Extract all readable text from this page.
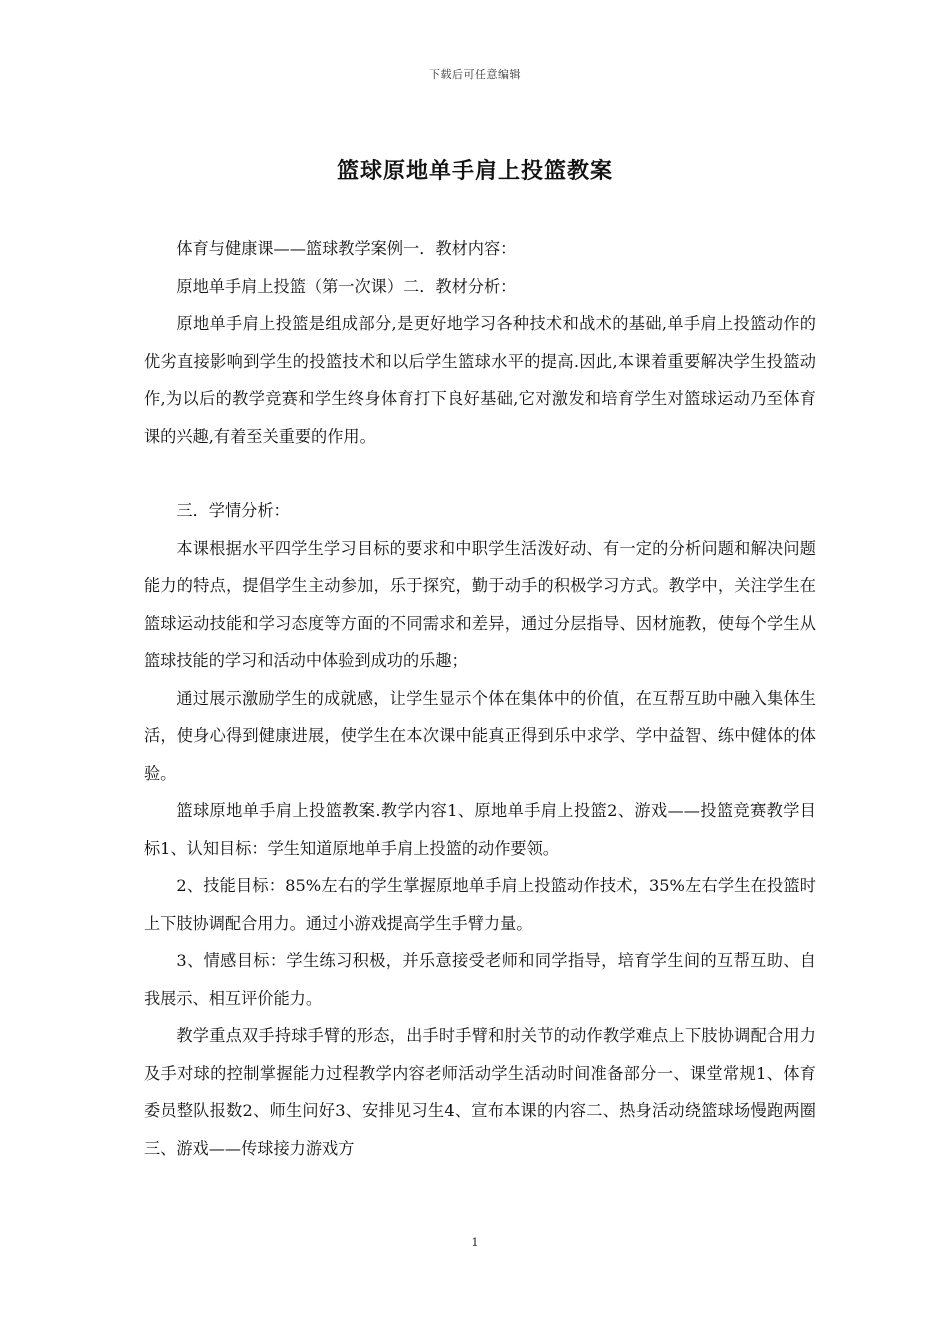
下载后可任意编辑
篮球原地单手肩上投篮教案

体育与健康课——篮球教学案例一．教材内容：

原地单手肩上投篮（第一次课）二．教材分析：

原地单手肩上投篮是组成部分,是更好地学习各种技术和战术的基础,单手肩上投篮动作的优劣直接影响到学生的投篮技术和以后学生篮球水平的提高.因此,本课着重要解决学生投篮动作,为以后的教学竞赛和学生终身体育打下良好基础,它对激发和培育学生对篮球运动乃至体育课的兴趣,有着至关重要的作用。

三．学情分析：

本课根据水平四学生学习目标的要求和中职学生活泼好动、有一定的分析问题和解决问题能力的特点，提倡学生主动参加，乐于探究，勤于动手的积极学习方式。教学中，关注学生在篮球运动技能和学习态度等方面的不同需求和差异，通过分层指导、因材施教，使每个学生从篮球技能的学习和活动中体验到成功的乐趣；

通过展示激励学生的成就感，让学生显示个体在集体中的价值，在互帮互助中融入集体生活，使身心得到健康进展，使学生在本次课中能真正得到乐中求学、学中益智、练中健体的体验。

篮球原地单手肩上投篮教案.教学内容1、原地单手肩上投篮2、游戏——投篮竞赛教学目标1、认知目标：学生知道原地单手肩上投篮的动作要领。

2、技能目标：85%左右的学生掌握原地单手肩上投篮动作技术，35%左右学生在投篮时上下肢协调配合用力。通过小游戏提高学生手臂力量。

3、情感目标：学生练习积极，并乐意接受老师和同学指导，培育学生间的互帮互助、自我展示、相互评价能力。

教学重点双手持球手臂的形态，出手时手臂和肘关节的动作教学难点上下肢协调配合用力及手对球的控制掌握能力过程教学内容老师活动学生活动时间准备部分一、课堂常规1、体育委员整队报数2、师生问好3、安排见习生4、宣布本课的内容二、热身活动绕篮球场慢跑两圈三、游戏——传球接力游戏方

1
